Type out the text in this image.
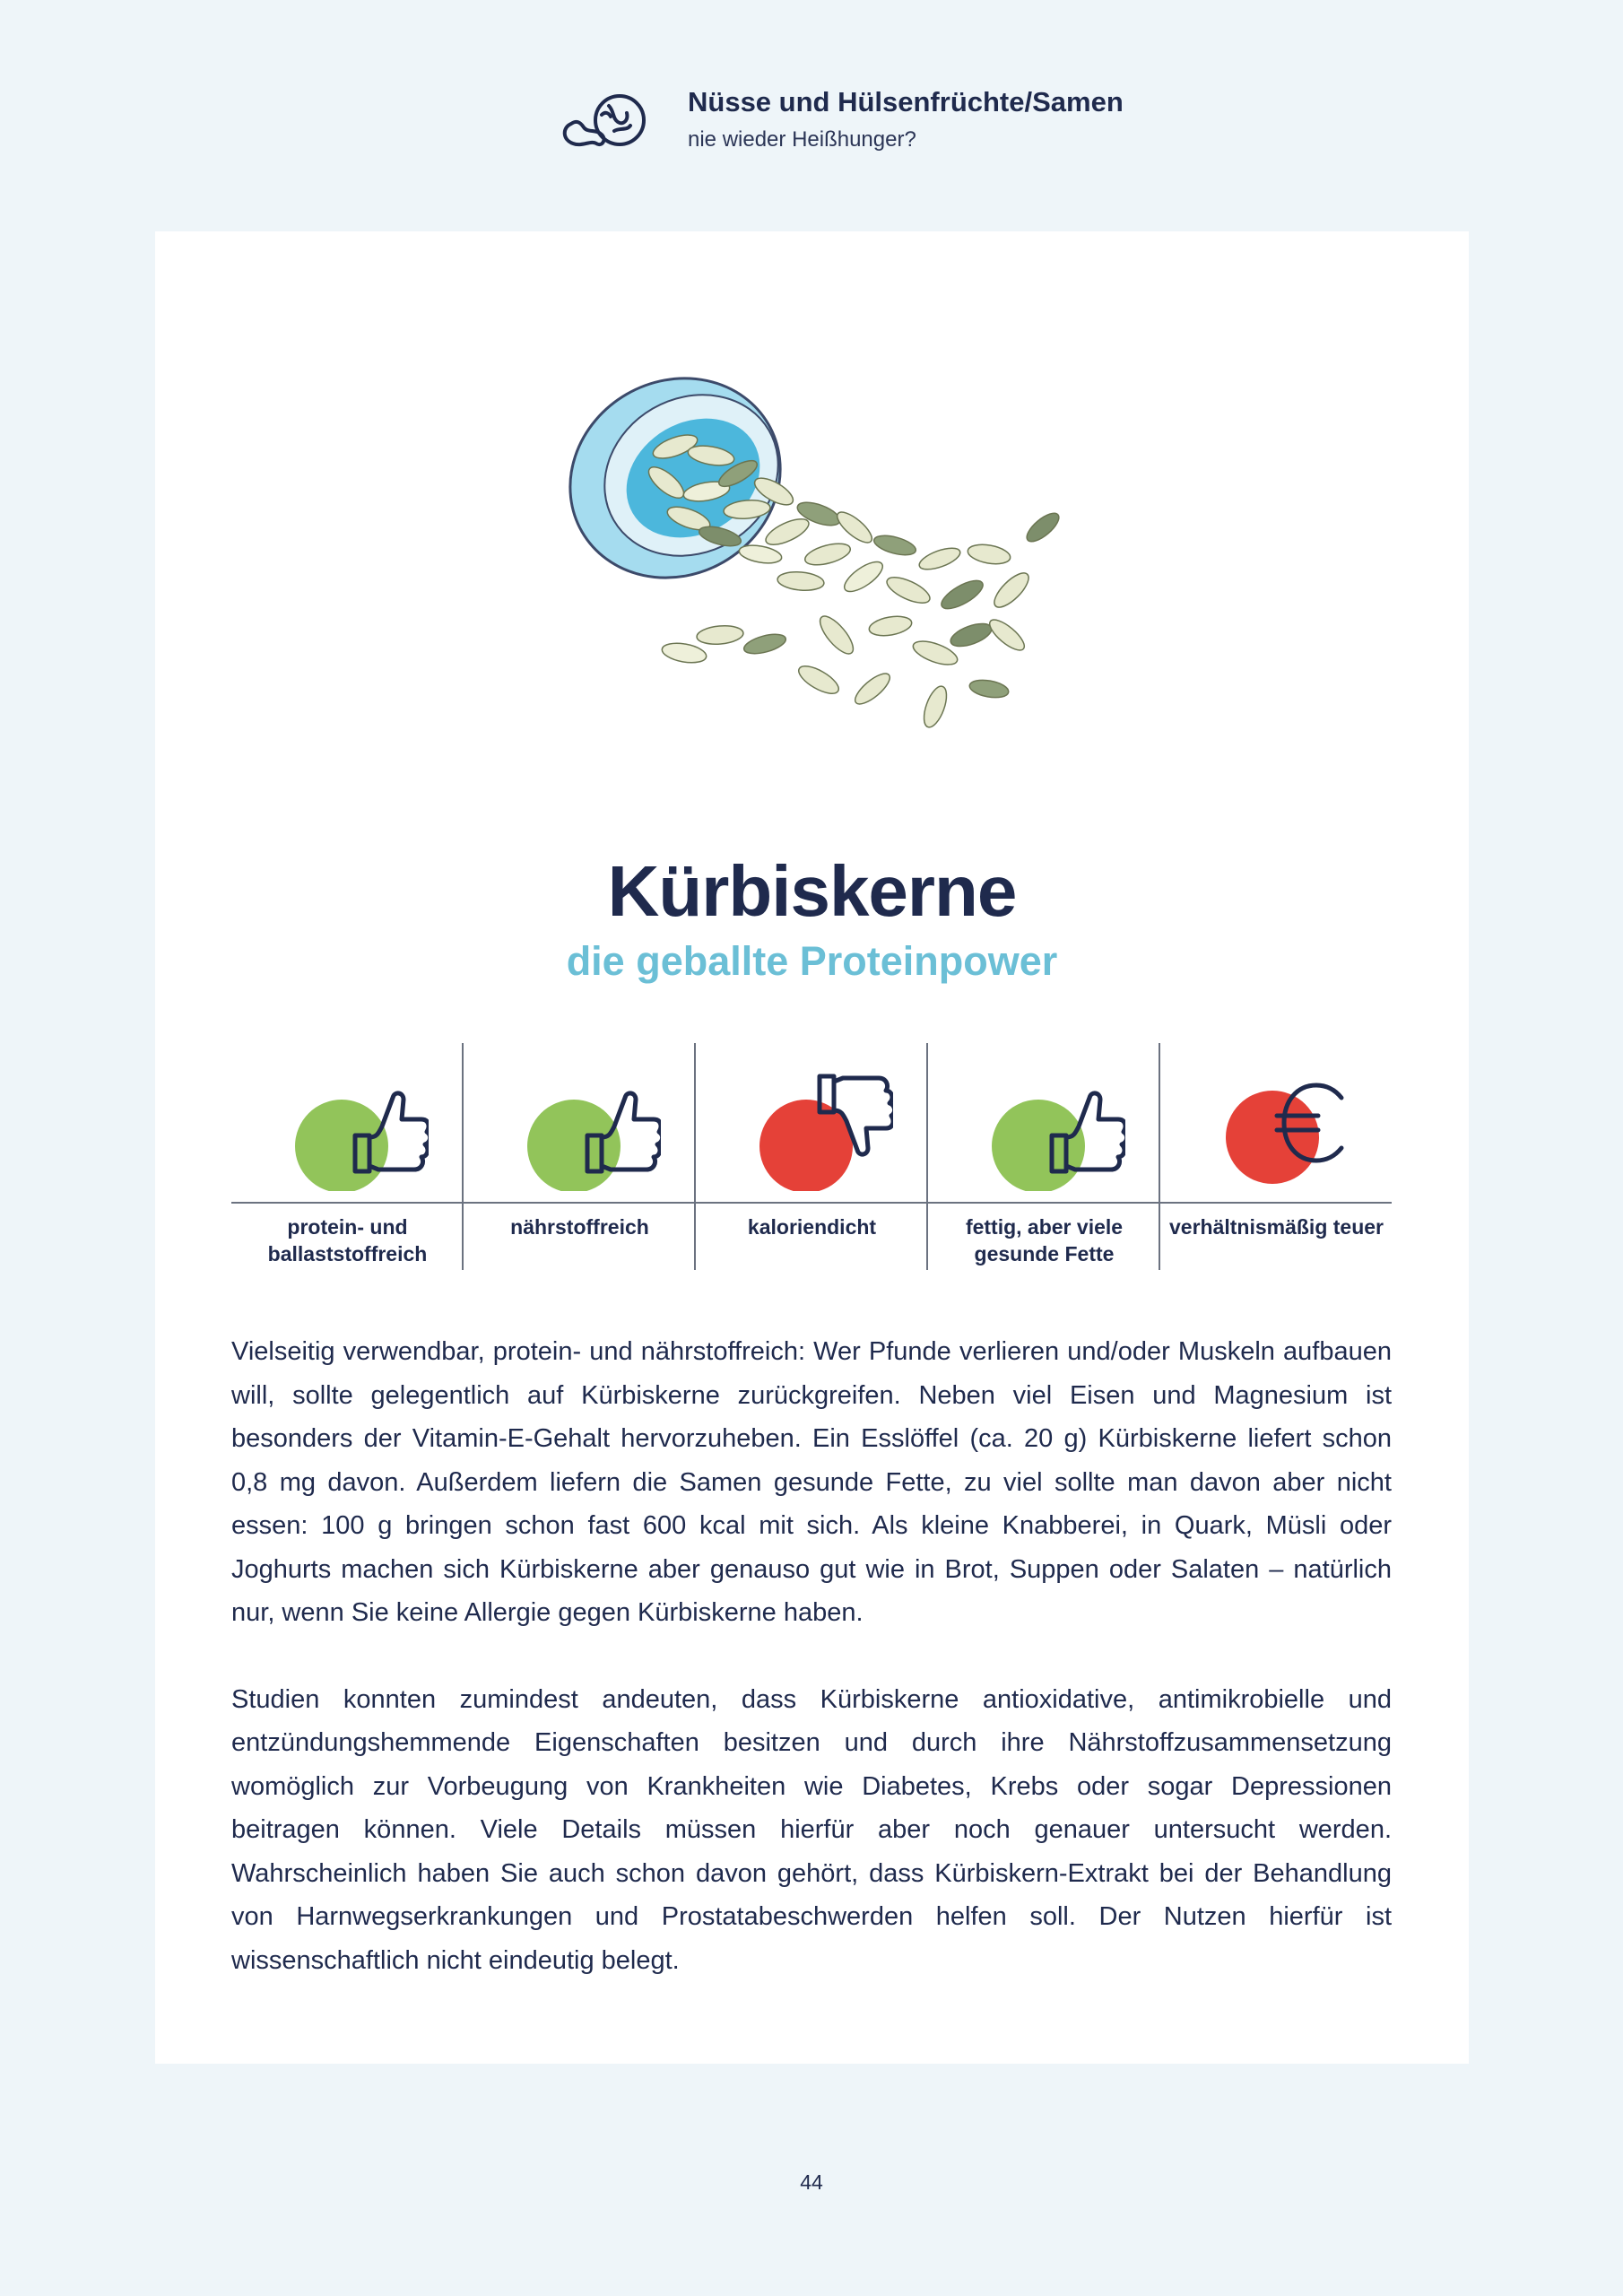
Nüsse und Hülsenfrüchte/Samen
nie wieder Heißhunger?
Kürbiskerne
die geballte Proteinpower
protein- und ballaststoffreich
nährstoffreich	kaloriendicht	fettig, aber viele gesunde Fette
verhältnismäßig teuer

Vielseitig verwendbar, protein- und nährstoffreich: Wer Pfunde verlieren und/oder Muskeln aufbauen will, sollte gelegentlich auf Kürbiskerne zurückgreifen. Neben viel Eisen und Magnesium ist besonders der Vitamin-E-Gehalt hervorzuheben. Ein Esslöffel (ca. 20 g) Kürbiskerne liefert schon 0,8 mg davon. Außerdem liefern die Samen gesunde Fette, zu viel sollte man davon aber nicht essen: 100 g bringen schon fast 600 kcal mit sich. Als kleine Knabberei, in Quark, Müsli oder Joghurts machen sich Kürbiskerne aber genauso gut wie in Brot, Suppen oder Salaten – natürlich nur, wenn Sie keine Allergie gegen Kürbiskerne haben.

Studien konnten zumindest andeuten, dass Kürbiskerne antioxidative, antimikrobielle und entzündungshemmende Eigenschaften besitzen und durch ihre Nährstoffzusammensetzung womöglich zur Vorbeugung von Krankheiten wie Diabetes, Krebs oder sogar Depressionen beitragen können. Viele Details müssen hierfür aber noch genauer untersucht werden. Wahrscheinlich haben Sie auch schon davon gehört, dass Kürbiskern-Extrakt bei der Behandlung von Harnwegserkrankungen und Prostatabeschwerden helfen soll. Der Nutzen hierfür ist wissenschaftlich nicht eindeutig belegt.

44
